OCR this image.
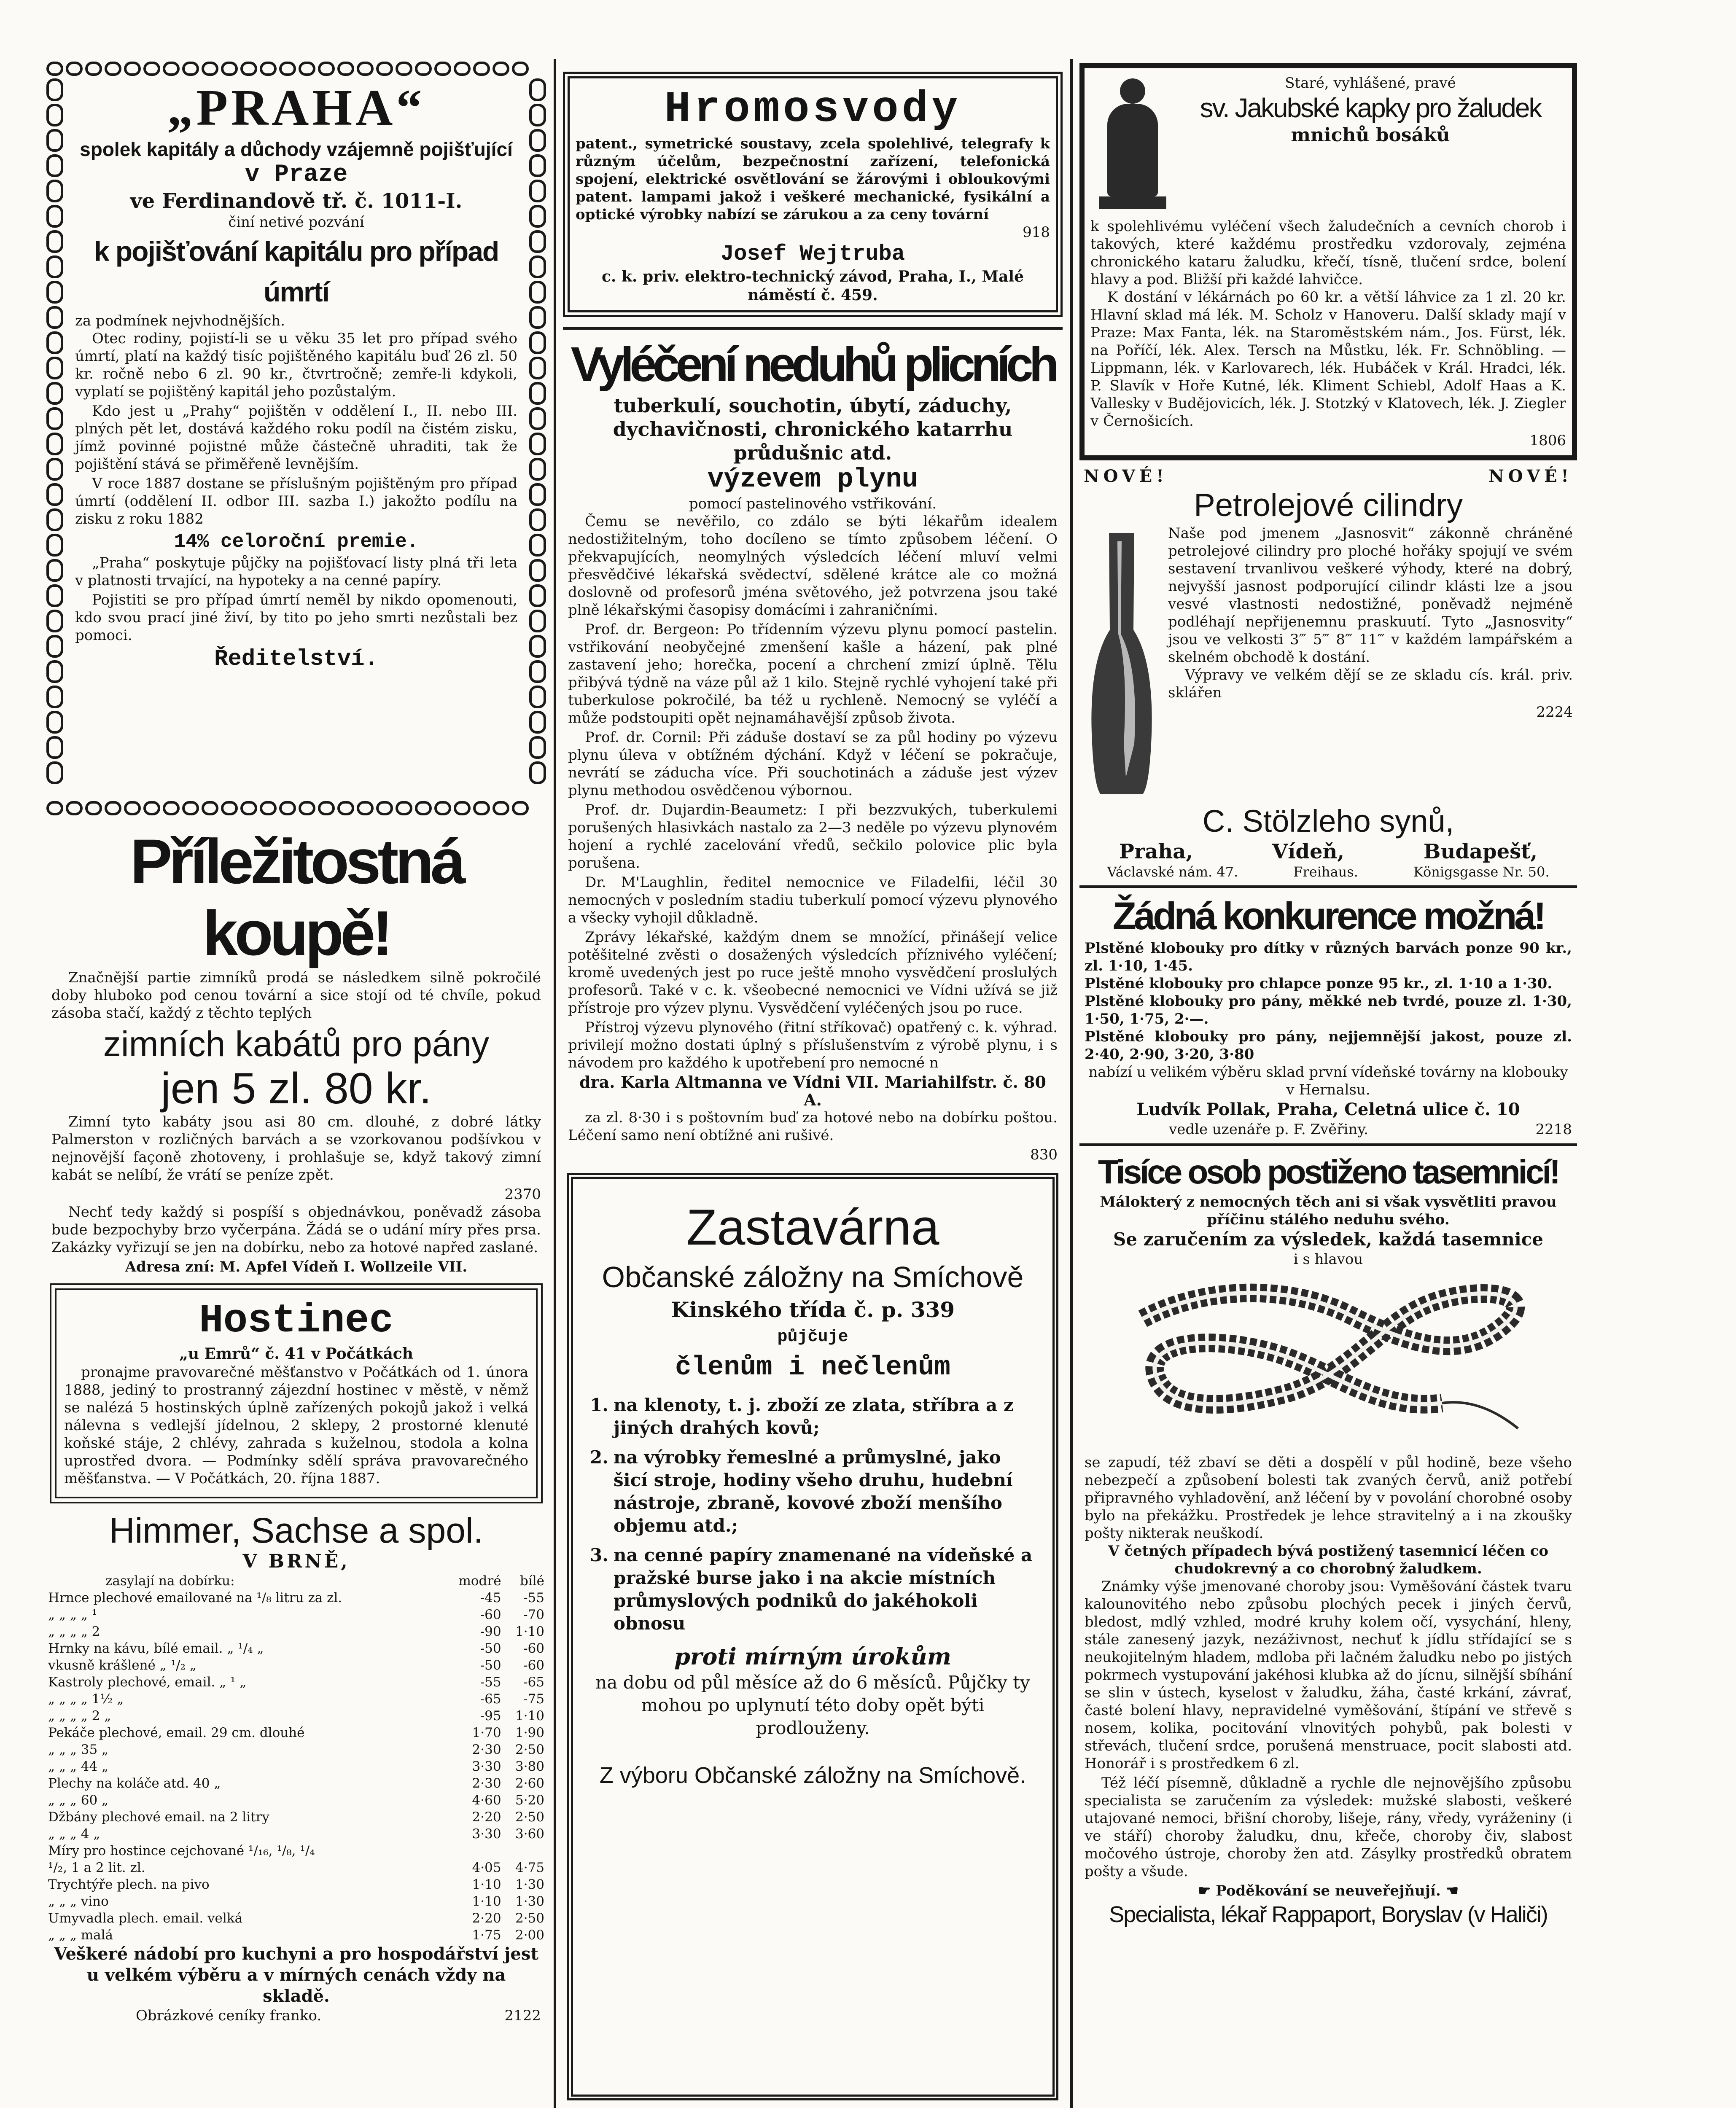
„PRAHA“
spolek kapitály a důchody vzájemně pojišťující
v Praze
ve Ferdinandově tř. č. 1011-I.
činí netivé pozvání
k pojišťování kapitálu pro případ úmrtí
za podmínek nejvhodnějších.

Otec rodiny, pojistí-li se u věku 35 let pro případ svého úmrtí, platí na každý tisíc pojištěného kapitálu buď 26 zl. 50 kr. ročně nebo 6 zl. 90 kr., čtvrtročně; zemře-li kdykoli, vyplatí se pojištěný kapitál jeho pozůstalým.

Kdo jest u „Prahy“ pojištěn v oddělení I., II. nebo III. plných pět let, dostává každého roku podíl na čistém zisku, jímž povinné pojistné může částečně uhraditi, tak že pojištění stává se přiměřeně levnějším.

V roce 1887 dostane se příslušným pojištěným pro případ úmrtí (oddělení II. odbor III. sazba I.) jakožto podílu na zisku z roku 1882

14% celoroční premie.

„Praha“ poskytuje půjčky na pojišťovací listy plná tři leta v platnosti trvající, na hypoteky a na cenné papíry.

Pojistiti se pro případ úmrtí neměl by nikdo opomenouti, kdo svou prací jiné živí, by tito po jeho smrti nezůstali bez pomoci.

Ředitelství.
Příležitostná koupě!

Značnější partie zimníků prodá se následkem silně pokročilé doby hluboko pod cenou tovární a sice stojí od té chvíle, pokud zásoba stačí, každý z těchto teplých

zimních kabátů pro pány
jen 5 zl. 80 kr.

Zimní tyto kabáty jsou asi 80 cm. dlouhé, z dobré látky Palmerston v rozličných barvách a se vzorkovanou podšívkou v nejnovější façoně zhotoveny, i prohlašuje se, když takový zimní kabát se nelíbí, že vrátí se peníze zpět.

2370

Nechť tedy každý si pospíší s objednávkou, poněvadž zásoba bude bezpochyby brzo vyčerpána. Žádá se o udání míry přes prsa. Zakázky vyřizují se jen na dobírku, nebo za hotové napřed zaslané.

Adresa zní: M. Apfel Vídeň I. Wollzeile VII.
Hostinec
„u Emrů“ č. 41 v Počátkách

pronajme pravovarečné měšťanstvo v Počátkách od 1. února 1888, jediný to prostranný zájezdní hostinec v městě, v němž se nalézá 5 hostinských úplně zařízených pokojů jakož i velká nálevna s vedlejší jídelnou, 2 sklepy, 2 prostorné klenuté koňské stáje, 2 chlévy, zahrada s kuželnou, stodola a kolna uprostřed dvora. — Podmínky sdělí správa pravovarečného měšťanstva. — V Počátkách, 20. října 1887.

Himmer, Sachse a spol.
V BRNĚ,
zasylají na dobírku:	modré	bílé
Hrnce plechové emailované na ¹/₈ litru za zl.	-45	-55
„ „ „ „ ¹	-60	-70
„ „ „ „ 2	-90	1·10
Hrnky na kávu, bílé email. „ ¹/₄ „	-50	-60
vkusně krášlené „ ¹/₂ „	-50	-60
Kastroly plechové, email. „ ¹ „	-55	-65
„ „ „ „ 1½ „	-65	-75
„ „ „ „ 2 „	-95	1·10
Pekáče plechové, email. 29 cm. dlouhé	1·70	1·90
„ „ „ 35 „	2·30	2·50
„ „ „ 44 „	3·30	3·80
Plechy na koláče atd. 40 „	2·30	2·60
„ „ „ 60 „	4·60	5·20
Džbány plechové email. na 2 litry	2·20	2·50
„ „ „ 4 „	3·30	3·60
Míry pro hostince cejchované ¹/₁₆, ¹/₈, ¹/₄		
¹/₂, 1 a 2 lit. zl.	4·05	4·75
Trychtýře plech. na pivo	1·10	1·30
„ „ „ vino	1·10	1·30
Umyvadla plech. email. velká	2·20	2·50
„ „ „ malá	1·75	2·00
Veškeré nádobí pro kuchyni a pro hospodářství jest u velkém výběru a v mírných cenách vždy na skladě.
Obrázkové ceníky franko.	2122
Hromosvody
patent., symetrické soustavy, zcela spolehlivé, telegrafy k různým účelům, bezpečnostní zařízení, telefonická spojení, elektrické osvětlování se žárovými i obloukovými patent. lampami jakož i veškeré mechanické, fysikální a optické výrobky nabízí se zárukou a za ceny tovární
918
Josef Wejtruba
c. k. priv. elektro-technický závod, Praha, I., Malé náměstí č. 459.
Vyléčení neduhů plicních
tuberkulí, souchotin, úbytí, záduchy, dychavičnosti, chronického katarrhu průdušnic atd.
výzevem plynu
pomocí pastelinového vstřikování.

Čemu se nevěřilo, co zdálo se býti lékařům idealem nedostižitelným, toho docíleno se tímto způsobem léčení. O překvapujících, neomylných výsledcích léčení mluví velmi přesvědčivé lékařská svědectví, sdělené krátce ale co možná doslovně od profesorů jména světového, jež potvrzena jsou také plně lékařskými časopisy domácími i zahraničními.

Prof. dr. Bergeon: Po třídenním výzevu plynu pomocí pastelin. vstřikování neobyčejné zmenšení kašle a házení, pak plné zastavení jeho; horečka, pocení a chrchení zmizí úplně. Tělu přibývá týdně na váze půl až 1 kilo. Stejně rychlé vyhojení také při tuberkulose pokročilé, ba též u rychleně. Nemocný se vyléčí a může podstoupiti opět nejnamáhavější způsob života.

Prof. dr. Cornil: Při záduše dostaví se za půl hodiny po výzevu plynu úleva v obtížném dýchání. Když v léčení se pokračuje, nevrátí se záducha více. Při souchotinách a záduše jest výzev plynu methodou osvědčenou výbornou.

Prof. dr. Dujardin-Beaumetz: I při bezzvukých, tuberkulemi porušených hlasivkách nastalo za 2—3 neděle po výzevu plynovém hojení a rychlé zacelování vředů, sečkilo polovice plic byla porušena.

Dr. M'Laughlin, ředitel nemocnice ve Filadelfii, léčil 30 nemocných v posledním stadiu tuberkulí pomocí výzevu plynového a všecky vyhojil důkladně.

Zprávy lékařské, každým dnem se množící, přinášejí velice potěšitelné zvěsti o dosažených výsledcích příznivého vyléčení; kromě uvedených jest po ruce ještě mnoho vysvědčení proslulých profesorů. Také v c. k. všeobecné nemocnici ve Vídni užívá se již přístroje pro výzev plynu. Vysvědčení vyléčených jsou po ruce.

Přístroj výzevu plynového (řitní stříkovač) opatřený c. k. výhrad. privilejí možno dostati úplný s příslušenstvím z výrobě plynu, i s návodem pro každého k upotřebení pro nemocné n

dra. Karla Altmanna ve Vídni VII. Mariahilfstr. č. 80 A.

za zl. 8·30 i s poštovním buď za hotové nebo na dobírku poštou. Léčení samo není obtížné ani rušivé.

830
Zastavárna
Občanské záložny na Smíchově
Kinského třída č. p. 339
půjčuje
členům i nečlenům
1. na klenoty, t. j. zboží ze zlata, stříbra a z jiných drahých kovů;
2. na výrobky řemeslné a průmyslné, jako šicí stroje, hodiny všeho druhu, hudební nástroje, zbraně, kovové zboží menšího objemu atd.;
3. na cenné papíry znamenané na vídeňské a pražské burse jako i na akcie místních průmyslových podniků do jakéhokoli obnosu
proti mírným úrokům
na dobu od půl měsíce až do 6 měsíců. Půjčky ty mohou po uplynutí této doby opět býti prodlouženy.
Z výboru Občanské záložny na Smíchově.
Staré, vyhlášené, pravé
sv. Jakubské kapky pro žaludek
mnichů bosáků
k spolehlivému vyléčení všech žaludečních a cevních chorob i takových, které každému prostředku vzdorovaly, zejména chronického kataru žaludku, křečí, tísně, tlučení srdce, bolení hlavy a pod. Bližší při každé lahvičce.

K dostání v lékárnách po 60 kr. a větší láhvice za 1 zl. 20 kr. Hlavní sklad má lék. M. Scholz v Hanoveru. Další sklady mají v Praze: Max Fanta, lék. na Staroměstském nám., Jos. Fürst, lék. na Poříčí, lék. Alex. Tersch na Můstku, lék. Fr. Schnöbling. — Lippmann, lék. v Karlovarech, lék. Hubáček v Král. Hradci, lék. P. Slavík v Hoře Kutné, lék. Kliment Schiebl, Adolf Haas a K. Vallesky v Budějovicích, lék. J. Stotzký v Klatovech, lék. J. Ziegler v Černošicích.

1806
NOVÉ!	NOVÉ!
Petrolejové cilindry
Naše pod jmenem „Jasnosvit“ zákonně chráněné petrolejové cilindry pro ploché hořáky spojují ve svém sestavení trvanlivou veškeré výhody, které na dobrý, nejvyšší jasnost podporující cilindr klásti lze a jsou vesvé vlastnosti nedostižné, poněvadž nejméně podléhají nepřijenemnu praskuutí. Tyto „Jasnosvity“ jsou ve velkosti 3‴ 5‴ 8‴ 11‴ v každém lampářském a skelném obchodě k dostání.

Výpravy ve velkém dějí se ze skladu cís. král. priv. sklářen

2224
C. Stölzleho synů,
Praha,	Vídeň,	Budapešť,
Václavské nám. 47.	Freihaus.	Königsgasse Nr. 50.
Žádná konkurence možná!
Plstěné klobouky pro dítky v různých barvách ponze 90 kr., zl. 1·10, 1·45.
Plstěné klobouky pro chlapce ponze 95 kr., zl. 1·10 a 1·30.
Plstěné klobouky pro pány, měkké neb tvrdé, pouze zl. 1·30, 1·50, 1·75, 2·—.
Plstěné klobouky pro pány, nejjemnější jakost, pouze zl. 2·40, 2·90, 3·20, 3·80
nabízí u velikém výběru sklad první vídeňské továrny na klobouky v Hernalsu.
Ludvík Pollak, Praha, Celetná ulice č. 10
vedle uzenáře p. F. Zvěřiny.	2218
Tisíce osob postiženo tasemnicí!
Málokterý z nemocných těch ani si však vysvětliti pravou příčinu stálého neduhu svého.
Se zaručením za výsledek, každá tasemnice
i s hlavou
se zapudí, též zbaví se děti a dospělí v půl hodině, beze všeho nebezpečí a způsobení bolesti tak zvaných červů, aniž potřebí připravného vyhladovění, anž léčení by v povolání chorobné osoby bylo na překážku. Prostředek je lehce stravitelný a i na zkoušky pošty nikterak neuškodí.
V četných případech bývá postižený tasemnicí léčen co chudokrevný a co chorobný žaludkem.

Známky výše jmenované choroby jsou: Vyměšování částek tvaru kalounovitého nebo způsobu plochých pecek i jiných červů, bledost, mdlý vzhled, modré kruhy kolem očí, vysychání, hleny, stále zanesený jazyk, nezáživnost, nechuť k jídlu střídající se s neukojitelným hladem, mdloba při lačném žaludku nebo po jistých pokrmech vystupování jakéhosi klubka až do jícnu, silnější sbíhání se slin v ústech, kyselost v žaludku, žáha, časté krkání, závrať, časté bolení hlavy, nepravidelné vyměšování, štípání ve střevě s nosem, kolika, pocitování vlnovitých pohybů, pak bolesti v střevách, tlučení srdce, porušená menstruace, pocit slabosti atd. Honorář i s prostředkem 6 zl.

Též léčí písemně, důkladně a rychle dle nejnovějšího způsobu specialista se zaručením za výsledek: mužské slabosti, veškeré utajované nemoci, břišní choroby, lišeje, rány, vředy, vyráženiny (i ve stáří) choroby žaludku, dnu, křeče, choroby čiv, slabost močového ústroje, choroby žen atd. Zásylky prostředků obratem pošty a všude.

☛ Poděkování se neuveřejňují. ☚
Specialista, lékař Rappaport, Boryslav (v Haliči)
